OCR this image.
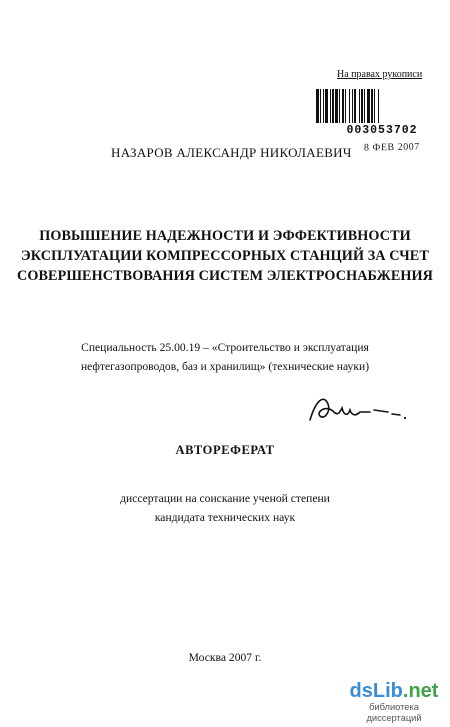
На правах рукописи
003053702
НАЗАРОВ АЛЕКСАНДР НИКОЛАЕВИЧ 8 ФЕВ 2007
ПОВЫШЕНИЕ НАДЕЖНОСТИ И ЭФФЕКТИВНОСТИ
ЭКСПЛУАТАЦИИ КОМПРЕССОРНЫХ СТАНЦИЙ ЗА СЧЕТ
СОВЕРШЕНСТВОВАНИЯ СИСТЕМ ЭЛЕКТРОСНАБЖЕНИЯ
Специальность 25.00.19 – «Строительство и эксплуатация
нефтегазопроводов, баз и хранилищ» (технические науки)
АВТОРЕФЕРАТ
диссертации на соискание ученой степени
кандидата технических наук
Москва 2007 г.
dsLib.net
библиотека диссертаций
